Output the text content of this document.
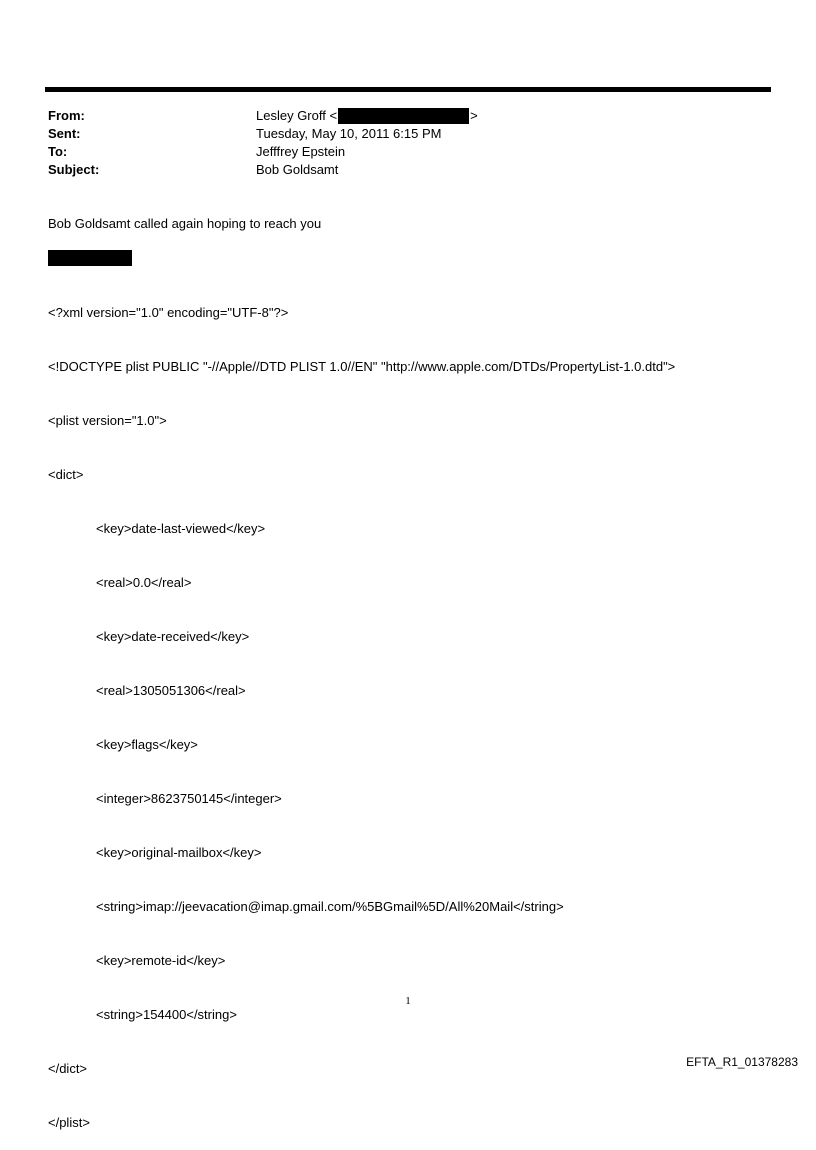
From:	Lesley Groff <	>
Sent:	Tuesday, May 10, 2011 6:15 PM
To:	Jefffrey Epstein
Subject:	Bob Goldsamt
Bob Goldsamt called again hoping to reach you

<?xml version="1.0" encoding="UTF-8"?>

<!DOCTYPE plist PUBLIC "-//Apple//DTD PLIST 1.0//EN" "http://www.apple.com/DTDs/PropertyList-1.0.dtd">

<plist version="1.0">

<dict>

<key>date-last-viewed</key>

<real>0.0</real>

<key>date-received</key>

<real>1305051306</real>

<key>flags</key>

<integer>8623750145</integer>

<key>original-mailbox</key>

<string>imap://jeevacation@imap.gmail.com/%5BGmail%5D/All%20Mail</string>

<key>remote-id</key>

<string>154400</string>

</dict>

</plist>

1
EFTA_R1_01378283
